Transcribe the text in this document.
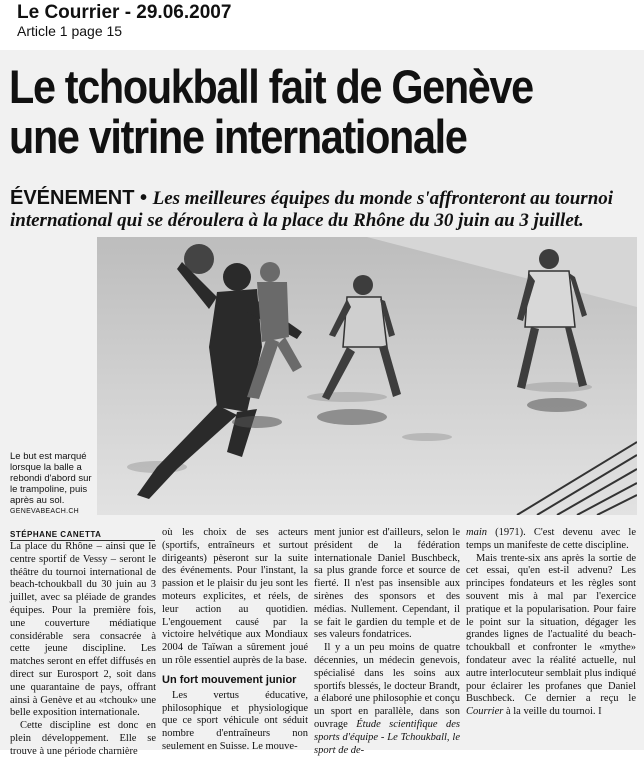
Le Courrier - 29.06.2007
Article 1 page 15
Le tchoukball fait de Genève
une vitrine internationale
ÉVÉNEMENT • Les meilleures équipes du monde s'affronteront au tournoi international qui se déroulera à la place du Rhône du 30 juin au 3 juillet.
Le but est marqué lorsque la balle a rebondi d'abord sur le trampoline, puis après au sol.
GENEVABEACH.CH
STÉPHANE CANETTA

La place du Rhône – ainsi que le centre sportif de Vessy – seront le théâtre du tournoi international de beach-tchoukball du 30 juin au 3 juillet, avec sa pléiade de grandes équipes. Pour la première fois, une couverture médiatique considérable sera consacrée à cette jeune discipline. Les matches seront en effet diffusés en direct sur Eurosport 2, soit dans une quarantaine de pays, offrant ainsi à Genève et au «tchouk» une belle exposition internationale.

Cette discipline est donc en plein développement. Elle se trouve à une période charnière

où les choix de ses acteurs (sportifs, entraîneurs et surtout dirigeants) pèseront sur la suite des événements. Pour l'instant, la passion et le plaisir du jeu sont les moteurs explicites, et réels, de leur action au quotidien. L'engouement causé par la victoire helvétique aux Mondiaux 2004 de Taïwan a sûrement joué un rôle essentiel auprès de la base.

Un fort mouvement junior

Les vertus éducative, philosophique et physiologique que ce sport véhicule ont séduit nombre d'entraîneurs non seulement en Suisse. Le mouve-

ment junior est d'ailleurs, selon le président de la fédération internationale Daniel Buschbeck, sa plus grande force et source de fierté. Il n'est pas insensible aux sirènes des sponsors et des médias. Nullement. Cependant, il se fait le gardien du temple et de ses valeurs fondatrices.

Il y a un peu moins de quatre décennies, un médecin genevois, spécialisé dans les soins aux sportifs blessés, le docteur Brandt, a élaboré une philosophie et conçu un sport en parallèle, dans son ouvrage Étude scientifique des sports d'équipe - Le Tchoukball, le sport de de-

main (1971). C'est devenu avec le temps un manifeste de cette discipline.

Mais trente-six ans après la sortie de cet essai, qu'en est-il advenu? Les principes fondateurs et les règles sont souvent mis à mal par l'exercice pratique et la popularisation. Pour faire le point sur la situation, dégager les grandes lignes de l'actualité du beach-tchoukball et confronter le «mythe» fondateur avec la réalité actuelle, nul autre interlocuteur semblait plus indiqué pour éclairer les profanes que Daniel Buschbeck. Ce dernier a reçu le Courrier à la veille du tournoi. I
